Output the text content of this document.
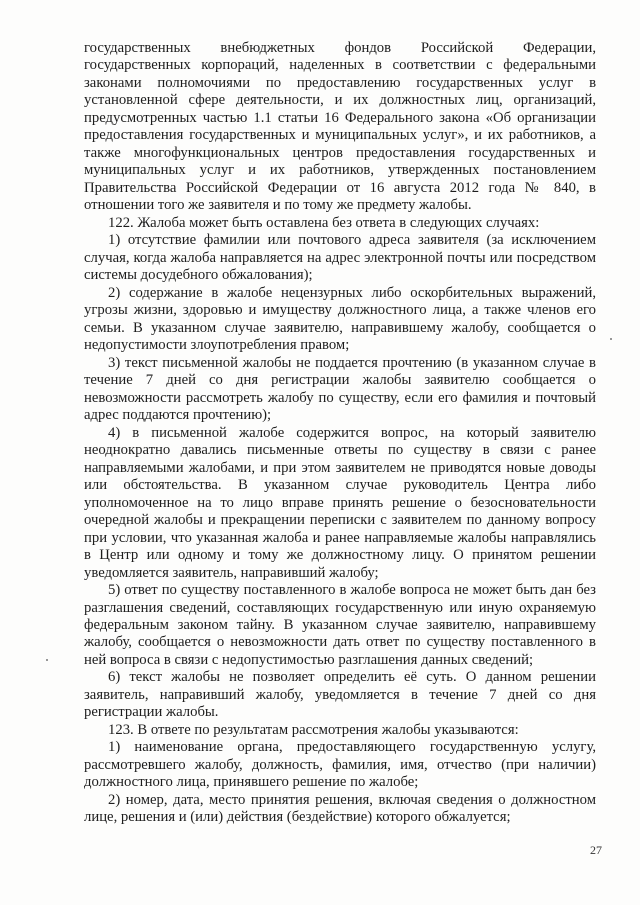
государственных внебюджетных фондов Российской Федерации, государственных корпораций, наделенных в соответствии с федеральными законами полномочиями по предоставлению государственных услуг в установленной сфере деятельности, и их должностных лиц, организаций, предусмотренных частью 1.1 статьи 16 Федерального закона «Об организации предоставления государственных и муниципальных услуг», и их работников, а также многофункциональных центров предоставления государственных и муниципальных услуг и их работников, утвержденных постановлением Правительства Российской Федерации от 16 августа 2012 года № 840, в отношении того же заявителя и по тому же предмету жалобы.

122. Жалоба может быть оставлена без ответа в следующих случаях:

1) отсутствие фамилии или почтового адреса заявителя (за исключением случая, когда жалоба направляется на адрес электронной почты или посредством системы досудебного обжалования);

2) содержание в жалобе нецензурных либо оскорбительных выражений, угрозы жизни, здоровью и имуществу должностного лица, а также членов его семьи. В указанном случае заявителю, направившему жалобу, сообщается о недопустимости злоупотребления правом;

3) текст письменной жалобы не поддается прочтению (в указанном случае в течение 7 дней со дня регистрации жалобы заявителю сообщается о невозможности рассмотреть жалобу по существу, если его фамилия и почтовый адрес поддаются прочтению);

4) в письменной жалобе содержится вопрос, на который заявителю неоднократно давались письменные ответы по существу в связи с ранее направляемыми жалобами, и при этом заявителем не приводятся новые доводы или обстоятельства. В указанном случае руководитель Центра либо уполномоченное на то лицо вправе принять решение о безосновательности очередной жалобы и прекращении переписки с заявителем по данному вопросу при условии, что указанная жалоба и ранее направляемые жалобы направлялись в Центр или одному и тому же должностному лицу. О принятом решении уведомляется заявитель, направивший жалобу;

5) ответ по существу поставленного в жалобе вопроса не может быть дан без разглашения сведений, составляющих государственную или иную охраняемую федеральным законом тайну. В указанном случае заявителю, направившему жалобу, сообщается о невозможности дать ответ по существу поставленного в ней вопроса в связи с недопустимостью разглашения данных сведений;

6) текст жалобы не позволяет определить её суть. О данном решении заявитель, направивший жалобу, уведомляется в течение 7 дней со дня регистрации жалобы.

123. В ответе по результатам рассмотрения жалобы указываются:

1) наименование органа, предоставляющего государственную услугу, рассмотревшего жалобу, должность, фамилия, имя, отчество (при наличии) должностного лица, принявшего решение по жалобе;

2) номер, дата, место принятия решения, включая сведения о должностном лице, решения и (или) действия (бездействие) которого обжалуется;

27
